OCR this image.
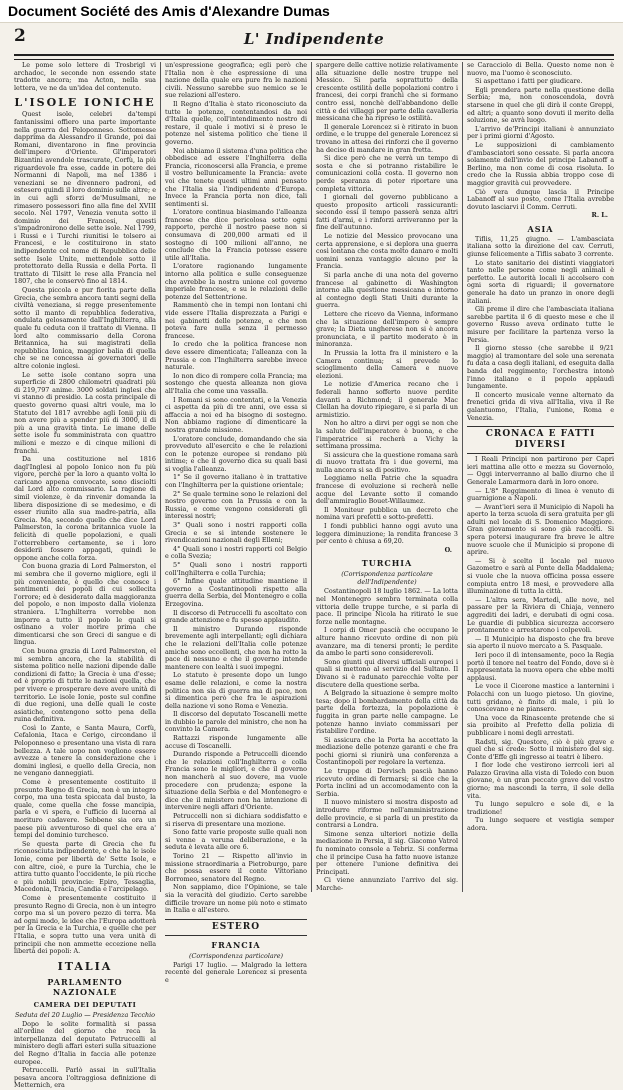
Document Société des Amis d'Alexandre Dumas
2	L' Indipendente

Le pome solo lettere di Trosbrigl vi archadoc, le seconde non essendo state tradotte ancora; ma Acton, nella sua lettera, ve ne da un'idea del contenuto.

L'ISOLE IONICHE

Quest isole, celebri da'tempi fantanissimi offiero una parte importante nella guerra del Peloponneso. Sottomesse dapprima da Alessandro il Grande, poi dai Romani, diventarono in fine provincia dell'impero d'Oriente. Gl'imperatori Bizantini avendole trascurate, Corfù, la più riguardevole fra esse, cadde in potere dei Normanni di Napoli, ma nel 1386 i veneziani se ne divennero padroni, ed estesero quindi il loro dominio sulle altre; e in cui agli sforzi de'Musulmani, ne rimasero possessori fino alla fine del XVIII secolo. Nel 1797, Venezia venuta sotto il dominio dei Francesi, questi s'impadronirono delle sette isole. Nel 1799, i Russi e i Turchi riunitisi le tolsero ai Francesi, e le costituirono in stato indipendente col nome di Repubblica delle sette Isole Unite, mettendole sotto il protettorato della Russia e della Porta. Il trattato di Tilsitt le rese alla Francia nel 1807, che le conservò fino al 1814.

Questa piccola e pur fiorita parte della Grecia, che sembra ancora tanti segni della civiltà veneziana, si regge presentemente sotto il manto di repubblica federativa, ondulata gelosamente dall'Inghilterra, alla quale fu ceduta con il trattato di Vienna. Il lord alto commissario della Corona Britannica, ha sui magistrati della repubblica Ionica, maggior balia di quella che se ne concessa ai governatori delle altre colonie inglesi.

Le sette isole contano sopra una superficie di 2800 chilometri quadrati più di 219,797 anime. 3000 soldati inglesi che vi stanno di presidio. La costa principale di questo governo quasi altri voule, ma lo Statuto del 1817 avrebbe agli Ionii più di non avere più a spender più di 3000, il di più a una gravità tinta. Le imane delle sette isole fu somministrata con quattro milioni e mezzo e di cinque milioni di franchi.

Da una costituzione nel 1816 dagl'Inglesi al popolo Ionico non fu più vigore, perchè per la loro a quanto volta lo caricano appena convocate, sono disciolti dal Lord alto commissario. La ragione di simil violenze, è da rinvenir domanda la libera disposizione di se medesimo, e di esser riunito alla sua madre-patria, alla Grecia. Ma, secondo quello che dice Lord Palmerston, la corona britannica vuole la felicità di quelle popolazioni, e quali l'otterrebbero certamente, se i loro desiderii fossero appagati, quindi le oppone anche colla forza.

Con buona grazia di Lord Palmerston, el mi sembra che il governo migliore, egli il più conveniente, è quello che conosce i sentimenti dei popoli di cui sollecita l'orrore; ed è desiderato dalla maggioranza del popolo, e non imposto dalla violenza straniera. L'Inghilterra vorrebbe non imporre a tutto il popolo le quali si ostinano a voler morire prima che dimenticarsi che son Greci di sangue e di lingua.

Con buona grazia di Lord Palmerston, el mi sembra ancora, che la stabilità di sistema politico nelle nazioni dipende dalle condizioni di fatto; la Grecia è una d'esse; ed è proprio di tutte le nazioni quella, che per vivere e prosperare deve avere unità di territorio. Le isole Ionie, poste sul confine di due regioni, una delle quali le coste asiatiche, contengono sotto pena della ruina definitiva.

Così lo Zante, e Santa Maura, Corfù, Cefalonia, Itaca e Cerigo, circondano il Peloponneso e presentano una vista di rara bellezza. A tale uopo non vogliono essere avvezze a tenere la considerazione che i domini inglesi, e quello della Grecia, non ne vengano danneggiati.

Come è presentemente costituito il presunto Regno di Grecia, non è un integro corpo, ma una testa spiccata dal busto, la quale, come quella che fosse mancipia, parla e vi spera, e l'ufficio di lucerna al morituro cadavere. Sebbene sia ora un paese più avventuroso di quel che era a' tempi del dominio turchesco.

Se questa parte di Grecia che fu riconosciuta indipendente, e che ha le isole Ionie, come per libertà de' Sette Isole, e con altre, cioè, e pure la Turchia, che le attira tutto quanto l'occidente, le più ricche e più nobili provincie: Epiro, Tessaglia, Macedonia, Tracia, Candia e l'arcipelago.

Come è presentemente costituito il presunto Regno di Grecia, non è un integro corpo ma sì un povero pezzo di terra. Ma ad ogni modo, le idee che l'Europa adotterà per la Grecia e la Turchia, e quelle che per l'Italia, e sopra tutto una vera unità di principii che non ammette eccezione nella libertà dei popoli: A.

ITALIA
PARLAMENTO NAZIONALE
CAMERA DEI DEPUTATI
Seduta del 20 Luglio — Presidenza Tecchio

Dopo le solite formalità si passa all'ordine del giorno che reca la interpellanza del deputato Petruccelli al ministero degli affari esteri sulla situazione del Regno d'Italia in faccia alle potenze europee.

Petruccelli. Parlò assai in sull'Italia pesava ancora l'oltraggiosa definizione di Metternich, era

un'espressione geografica; egli però che l'Italia non è che espressione di una nazione della quale era pure fra le nazioni civili. Nessuno sarebbe suo nemico se le sue relazioni all'estero.

Il Regno d'Italia è stato riconosciuto da tutte le potenze, contentandosi da noi d'Italia quelle, coll'intendimento nostro di restare, il quale i motivi si è preso le potenze nel sistema politico che tiene il governo.

Noi abbiamo il sistema d'una politica che obbedisce ad essere l'Inghilterra della Francia, riconoscersi alla Francia, e preme il vostro bellunicamente la Francia: avete voi che tenete questi ultimi anni pensato che l'Italia sia l'indipendente d'Europa. Invece la Francia porta non dice, tali sentimenti sì.

L'oratore continua biasimando l'alleanza francese che dice pericolosa sotto ogni rapporto, perchè il nostro paese non si consumava di 200,000 armati ed il sostegno di 100 milioni all'anno, ne conclude che la Francia potesse essere utile all'Italia.

L'oratore ragionando lungamente intorno alla politica e sulle conseguenze che avrebbe la nostra unione col governo imperiale francese, e su le relazioni delle potenze del Settentrione.

Rammentò che in tempi non lontani chi vide essere l'Italia disprezzata a Parigi e nei gabinetti delle potenze, e che non poteva fare nulla senza il permesso francese.

Io credo che la politica francese non deve essere dimenticata; l'alleanza con la Prussia e con l'Inghilterra sarebbe invece naturale.

Io non dico di rompere colla Francia; ma sostengo che questa alleanza non giova all'Italia che come una vassalla.

I Romani si sono contentati, e la Venezia ci aspetta da più di tre anni, ove essa si affaccia a noi ed ha bisogno di sostegno. Non abbiamo ragione di dimenticare la nostra grande missione.

L'oratore conclude, domandando che sia provveduto all'esercito e che le relazioni con le potenze europee si rendano più intime; e che il governo dica su quali basi si voglia l'alleanza.

1° Se il governo italiano è in trattative con l'Inghilterra per la quistione orientale;

2° Se quale termine sono le relazioni del nostro governo con la Prussia e con la Russia, e come vengono considerati gli interessi nostri;

3° Quali sono i nostri rapporti colla Grecia e se si intende sostenere le rivendicazioni nazionali degli Elleni;

4° Quali sono i nostri rapporti col Belgio e colla Svezia;

5° Quali sono i nostri rapporti coll'Inghilterra e colla Turchia;

6° Infine quale attitudine mantiene il governo a Costantinopoli rispetto alla guerra della Serbia, del Montenegro e colla Erzegovina.

Il discorso di Petruccelli fu ascoltato con grande attenzione e fu spesso applaudito.

Il ministro Durando risponde brevemente agli interpellanti; egli dichiara che le relazioni dell'Italia colle potenze amiche sono eccellenti, che non ha rotto la pace di nessuno e che il governo intende mantenere con lealtà i suoi impegni.

Lo statuto è presente dopo un lungo esame delle relazioni, e come la nostra politica non sia di guerra ma di pace, non si dimentica però che fra le aspirazioni della nazione vi sono Roma e Venezia.

Il discorso del deputato Toscanelli mette in dubbio le parole del ministro, che non ha convinto la Camera.

Rattazzi risponde lungamente alle accuse di Toscanelli.

Durando risponde a Petruccelli dicendo che le relazioni coll'Inghilterra e colla Francia sono le migliori, e che il governo non mancherà al suo dovere, ma vuole procedere con prudenza; espone la situazione della Serbia e del Montenegro e dice che il ministero non ha intenzione di intervenire negli affari d'Oriente.

Petruccelli non si dichiara soddisfatto e si riserva di presentare una mozione.

Sono fatte varie proposte sulle quali non si venne a veruna deliberazione, e la seduta è levata alle ore 6.

Torino 21 — Rispetto all'invio in missione straordinaria a Pietroburgo, pare che possa essere il conte Vittoriano Borromeo, senatore del Regno.

Non sappiamo, dice l'Opinione, se tale sia la veracità del giudizio. Certo sarebbe difficile trovare un nome più noto e stimato in Italia e all'estero.

ESTERO
FRANCIA
(Corrispondenza particolare)

Parigi 17 luglio. — Malgrado la lettera recente del generale Lorencez si presenta e

spargere delle cattive notizie relativamente alla situazione delle nostre truppe nel Messico. Si parla soprattutto della crescente ostilità delle popolazioni contro i francesi, dei corpi franchi che si formano contro essi, nonchè dell'abbandono delle città e dei villaggi per parte della cavalleria messicana che ha ripreso le ostilità.

Il generale Lorencez si è ritirato in buon ordine, e le truppe del generale Lorencez si trovano in attesa dei rinforzi che il governo ha deciso di mandare in gran fretta.

Si dice però che ne verrà un tempo di sosta e che si potranno ristabilire le comunicazioni colla costa. Il governo non perde speranza di poter riportare una completa vittoria.

I giornali del governo pubblicano a questo proposito articoli rassicuranti: secondo essi il tempo passerà senza altri fatti d'armi, e i rinforzi arriveranno per la fine dell'autunno.

Le notizie del Messico provocano una certa apprensione, e si deplora una guerra così lontana che costa molto danaro e molti uomini senza vantaggio alcuno per la Francia.

Si parla anche di una nota del governo francese al gabinetto di Washington intorno alla questione messicana e intorno al contegno degli Stati Uniti durante la guerra.

Lettere che ricevo da Vienna, informano che la situazione dell'impero è sempre grave; la Dieta ungherese non si è ancora pronunciata, e il partito moderato è in minoranza.

In Prussia la lotta fra il ministero e la Camera continua; si prevede lo scioglimento della Camera e nuove elezioni.

Le notizie d'America recano che i federali hanno sofferto nuove perdite davanti a Richmond; il generale Mac Clellan ha dovuto ripiegare, e si parla di un armistizio.

Non ho altro a dirvi per oggi se non che la salute dell'imperatore è buona, e che l'imperatrice si recherà a Vichy la settimana prossima.

Si assicura che la questione romana sarà di nuovo trattata fra i due governi, ma nulla ancora si sa di positivo.

Leggiamo nella Patrie che la squadra francese di evoluzione si recherà nelle acque del Levante sotto il comando dell'ammiraglio Bouet-Willaumez.

Il Moniteur pubblica un decreto che nomina vari prefetti e sotto-prefetti.

I fondi pubblici hanno oggi avuto una leggera diminuzione; la rendita francese 3 per cento è chiusa a 69,20.

O.
TURCHIA
(Corrispondenza particolare dell'Indipendente)

Costantinopoli 18 luglio 1862. — La lotta nel Montenegro sembra terminata colla vittoria delle truppe turche, e si parla di pace. Il principe Nicola ha ritirato le sue forze nelle montagne.

I corpi di Omer pascià che occupano le alture hanno ricevuto ordine di non più avanzare, ma di tenersi pronti; le perdite da ambo le parti sono considerevoli.

Sono giunti qui diversi ufficiali europei i quali si mettono al servizio del Sultano. Il Divano si è radunato parecchie volte per discutere della questione serba.

A Belgrado la situazione è sempre molto tesa; dopo il bombardamento della città da parte della fortezza, la popolazione è fuggita in gran parte nelle campagne. Le potenze hanno inviato commissari per ristabilire l'ordine.

Si assicura che la Porta ha accettato la mediazione delle potenze garanti e che fra pochi giorni si riunirà una conferenza a Costantinopoli per regolare la vertenza.

Le truppe di Dervisch pascià hanno ricevuto ordine di fermarsi; si dice che la Porta inclini ad un accomodamento con la Serbia.

Il nuovo ministero si mostra disposto ad introdurre riforme nell'amministrazione delle provincie, e si parla di un prestito da contrarsi a Londra.

Simone senza ulteriori notizie della mediazione in Persia, il sig. Giacomo Vatrol fu nominato console a Tebriz. Si conferma che il principe Cusa ha fatto nuove istanze per ottenere l'unione definitiva dei Principati.

Ci viene annunziato l'arrivo del sig. Marche-

se Caracciolo di Bella. Questo nome non è nuovo, ma l'uomo è sconosciuto.

Si aspettano i fatti per giudicare.

Egli prendera parte nella questione della Serbia; ma, non conoscendola, dovrà starsene in quel che gli dirà il conte Greppi, ed altri; a quanto sono dovuti il merito della soluzione, se avrà luogo.

L'arrivo de'Principi italiani è annunziato per i primi giorni d'Agosto.

Le supposizioni di cambiamento d'ambasciatori sono cessate. Si parla ancora solamente dell'invio del principe Labanoff a Berlino, ma non come di cosa risoluta. Io credo che la Russia abbia troppo cose di maggior gravità cui provvedere.

Ciò vera dunque lascia il Principe Labanoff al suo posto, come l'Italia avrebbe dovuto lasciarvi il Comm. Cerruti.

R. L.
ASIA

Tiflis, 11,25 giugno. — L'ambasciata italiana sotto la direzione del cav. Cerruti, giunse felicemente a Tiflis sabato 3 corrente.

Lo stato sanitario dei distinti viaggiatori tanto nelle persone come negli animali è perfetto. Le autorità locali li accolsero con ogni sorta di riguardi; il governatore generale ha dato un pranzo in onore degli italiani.

Gli preme il dire che l'ambasciata italiana sarebbe partita il 6 di questo mese e che il governo Russo aveva ordinato tutte le misure per facilitare la partenza verso la Persia.

Il giorno stesso (che sarebbe il 9/21 maggio) al tramontare del sole una serenata fu data a casa degli italiani, ed eseguita dalla banda del reggimento; l'orchestra intonò l'inno italiano e il popolo applaudì lungamente.

Il concerto musicale venne alternato da frenetici grida di viva all'Italia, viva il Re galantuomo, l'Italia, l'unione, Roma e Venezia.

CRONACA E FATTI DIVERSI

I Reali Principi non partirono per Capri ieri mattina alle otto e mezza su Governolo, — Oggi interverranno al ballo diurno che il Generale Lamarmora darà in loro onore.

— L'8° Reggimento di linea è venuto di guarnigione a Napoli.

— Avant'ieri sera il Municipio di Napoli ha aperto la terza scuola di sera gratuita per gli adulti nel locale di S. Domenico Maggiore. Gran giovamento si sono già raccolti. Si spera potersi inaugurare fra breve le altre nuove scuole che il Municipio si propone di aprire.

— Si è scelto il locale pel nuovo Gazometro e sarà al Ponte della Maddalena; si vuole che la nuova officina possa essere compiuta entro 18 mesi, e provvedere alla illuminazione di tutta la città.

— L'altra sera, Martedì, alle nove, nel passare per la Riviera di Chiaja, vennero aggrediti dei ladri, e derubati di ogni cosa. Le guardie di pubblica sicurezza accorsero prontamente e arrestarono i colpevoli.

— Il Municipio ha disposto che fra breve sia aperto il nuovo mercato a S. Pasquale.

Ieri poco il dì intensamente, poco la Regia portò il tenore nel teatro del Fondo, dove si è rappresentata la nuova opera che ebbe molti applausi.

Le voce il Cicerone mastice a lanternini i Polacchi con un luogo pietoso. Un giovine, tutti gridano, è finito di male, i più lo conoscevano e ne piansero.

Una voce da Rinascente pretende che si sia proibito al Prefetto della polizia di pubblicare i nomi degli arrestati.

Radsti, sig. Questore, ciò è più grave e quel che si crede: Sotto il ministero del sig. Conte d'Effe gli ingresso ai teatri è libero.

I fior lode che vestirono ierrcoli ieri al Palazzo Gravina alla vista di Toledo con buon giovane, è un gran peccato grave del vostro giorno; ma nascondi la terra, il sole della vita.

Tu lungo sepulcro e sole di, e la tradizione!

Tu lungo sequere et vestigia semper adora.
